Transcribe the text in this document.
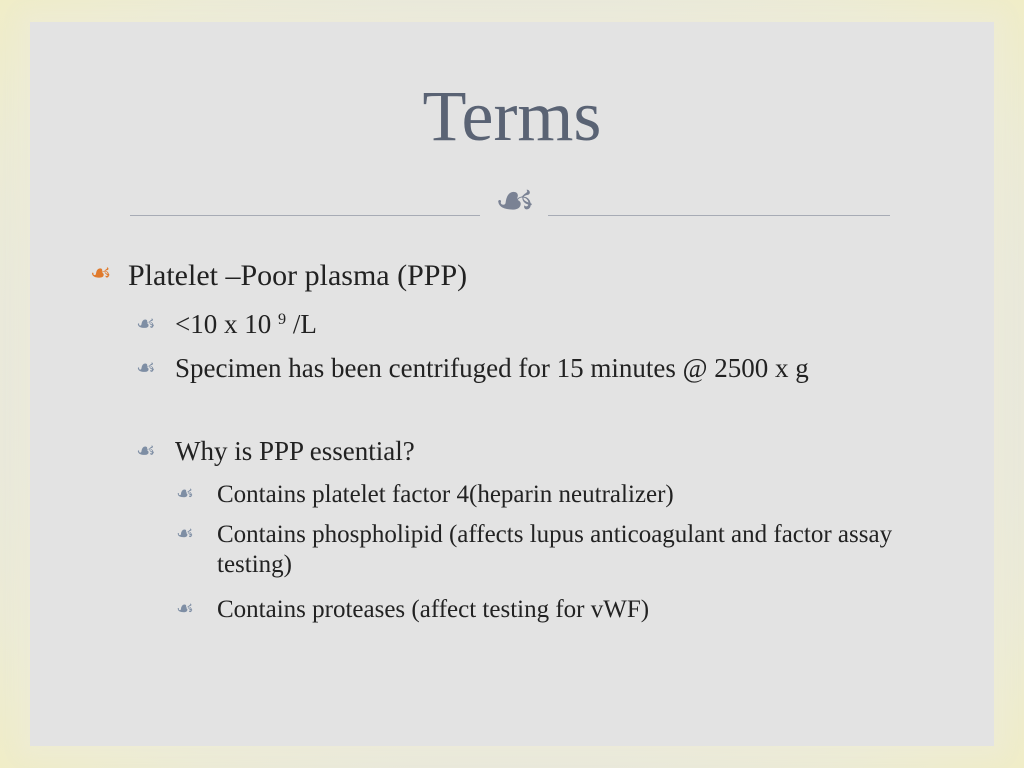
Terms
☙
☙ Platelet –Poor plasma (PPP)
☙ <10 x 10 $^9$ /L
☙ Specimen has been centrifuged for 15 minutes @ 2500 x g
☙ Why is PPP essential?
☙ Contains platelet factor 4(heparin neutralizer)
☙ Contains phospholipid (affects lupus anticoagulant and factor assay testing)
☙ Contains proteases (affect testing for vWF)
